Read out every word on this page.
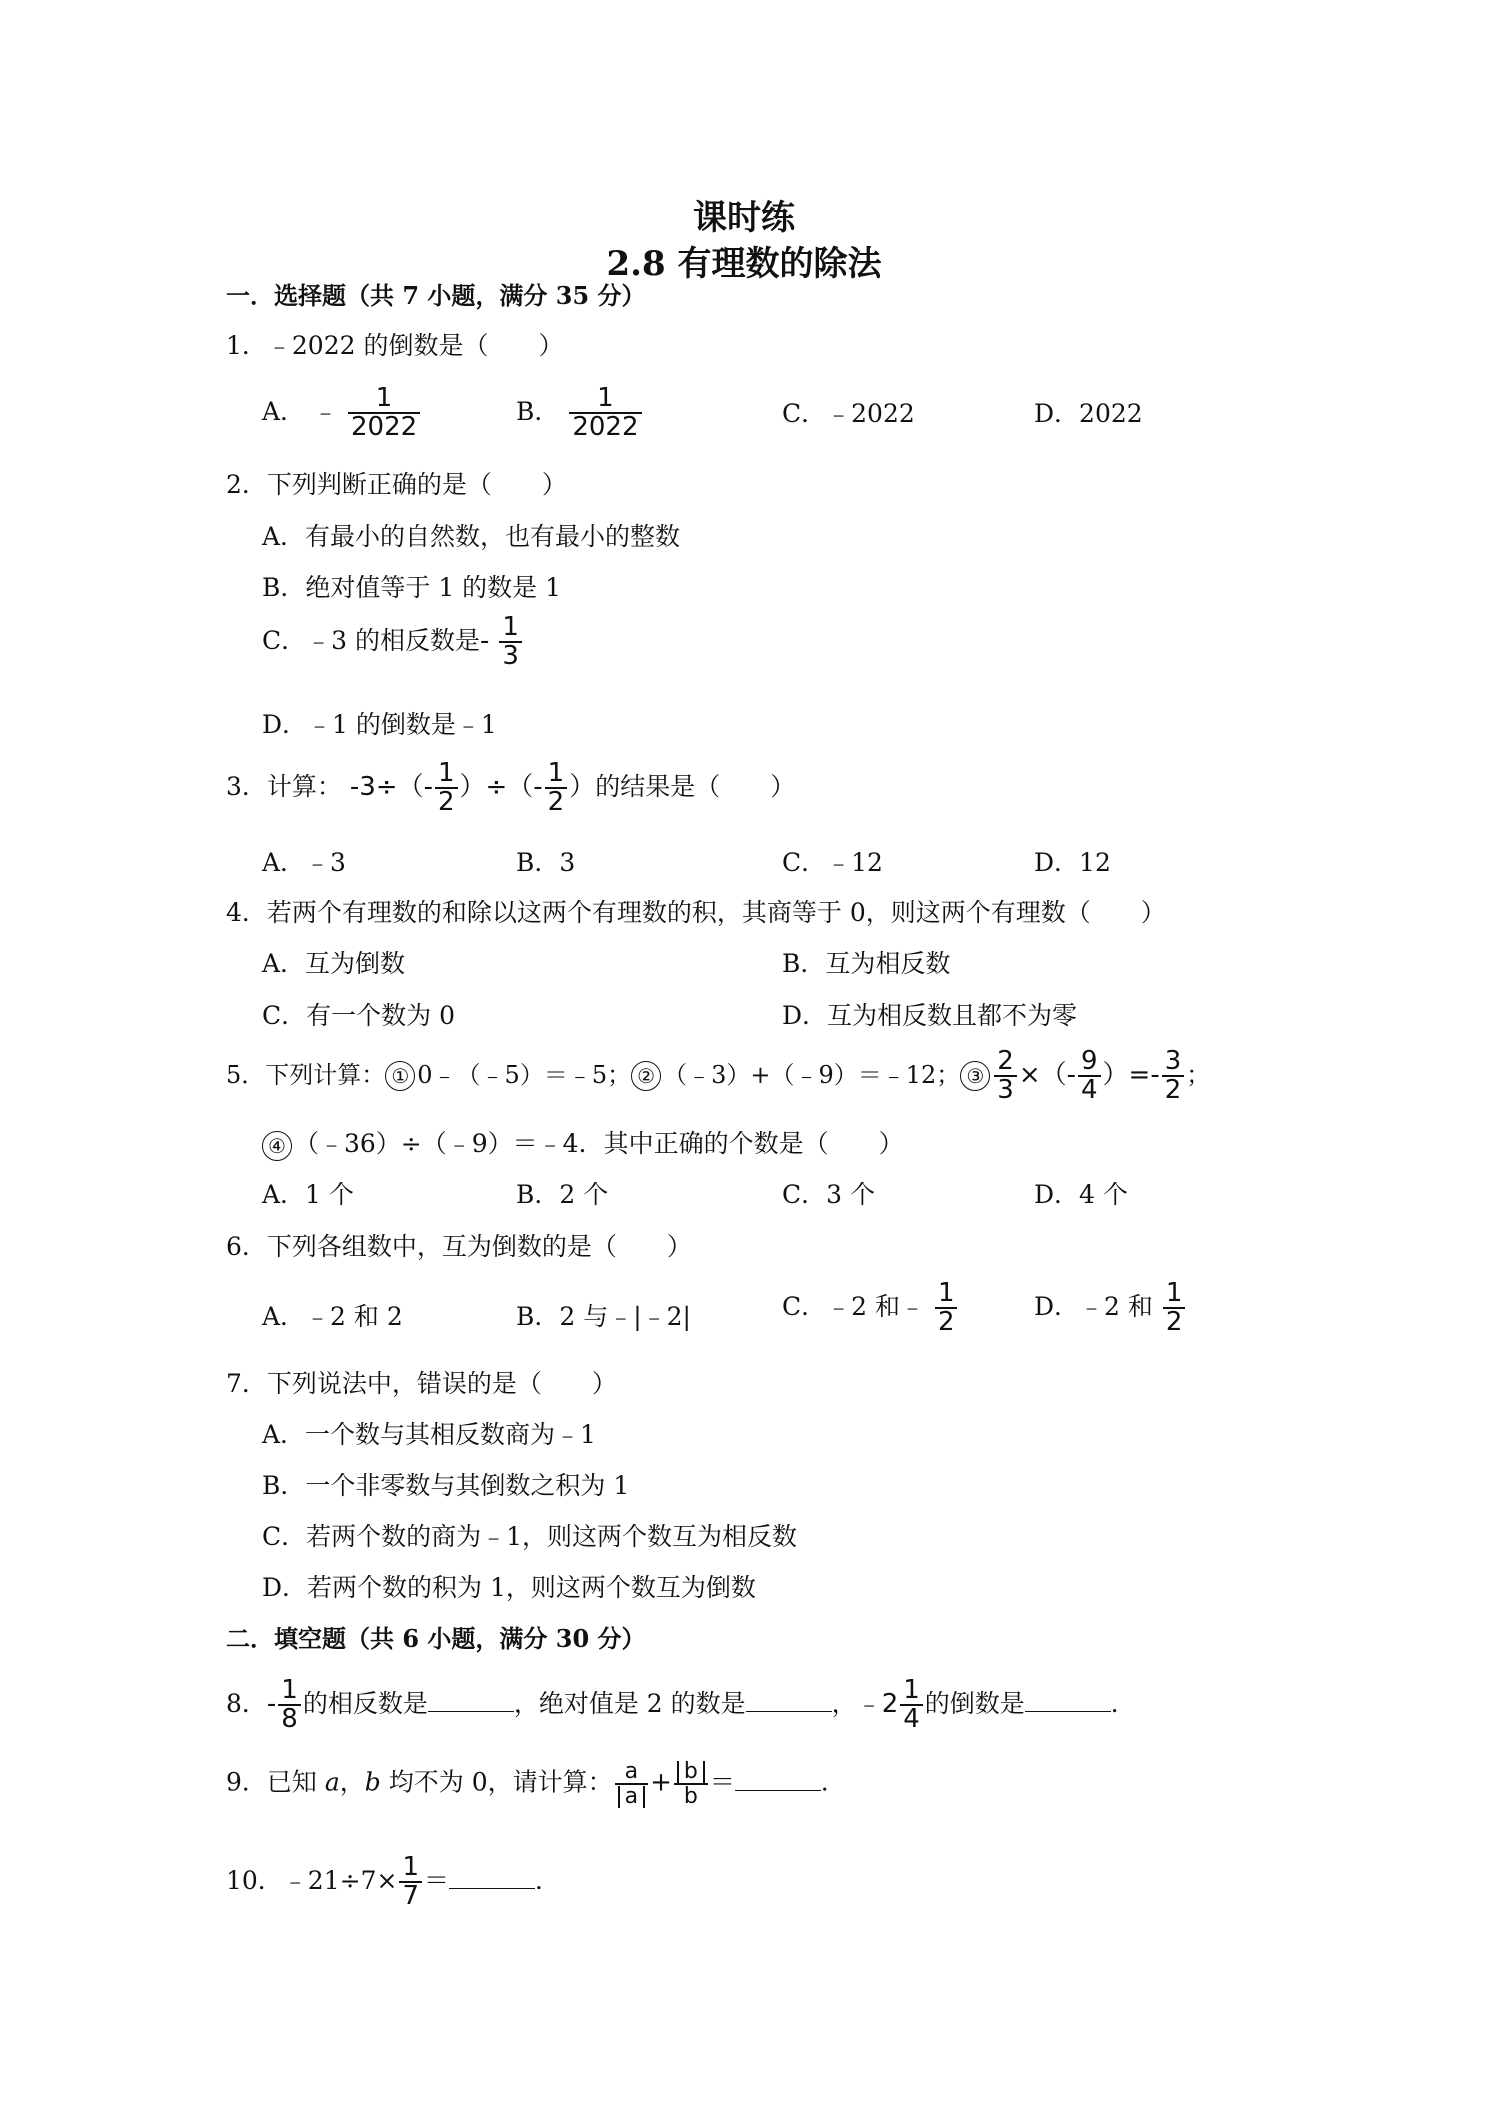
课时练
2.8 有理数的除法
一．选择题（共 7 小题，满分 35 分）
1．﹣2022 的倒数是（　　）
A． ﹣ $\frac{1}{2022}$	B． $\frac{1}{2022}$	C．﹣2022	D．2022
2．下列判断正确的是（　　）
A．有最小的自然数，也有最小的整数
B．绝对值等于 1 的数是 1
C．﹣3 的相反数是- $\frac{1}{3}$
D．﹣1 的倒数是﹣1
3．计算： $-3\div(- \frac{1}{2}$ ）÷（- $\frac{1}{2}$ ）的结果是（　　）
A．﹣3	B．3	C．﹣12	D．12
4．若两个有理数的和除以这两个有理数的积，其商等于 0，则这两个有理数（　　）
A．互为倒数	B．互为相反数
C．有一个数为 0	D．互为相反数且都不为零
5．下列计算： ① 0﹣（﹣5）＝﹣5； ② （﹣3）+（﹣9）＝﹣12； ③ $\frac{2}{3}$ ×（- $\frac{9}{4}$ ）=- $\frac{3}{2}$ ；
④ （﹣36）÷（﹣9）＝﹣4．其中正确的个数是（　　）
A．1 个	B．2 个	C．3 个	D．4 个
6．下列各组数中，互为倒数的是（　　）
A．﹣2 和 2	B．2 与﹣|﹣2|	C．﹣2 和﹣ $\frac{1}{2}$	D．﹣2 和 $\frac{1}{2}$
7．下列说法中，错误的是（　　）
A．一个数与其相反数商为﹣1
B．一个非零数与其倒数之积为 1
C．若两个数的商为﹣1，则这两个数互为相反数
D．若两个数的积为 1，则这两个数互为倒数
二．填空题（共 6 小题，满分 30 分）
8．- $\frac{1}{8}$ 的相反数是	，绝对值是 2 的数是	，﹣2 $\frac{1}{4}$ 的倒数是	．
9．已知 a，b 均不为 0，请计算： $\frac{a}{a} + \frac{b}{b}$ ＝	．
10．﹣21÷7× $\frac{1}{7}$ ＝	．
